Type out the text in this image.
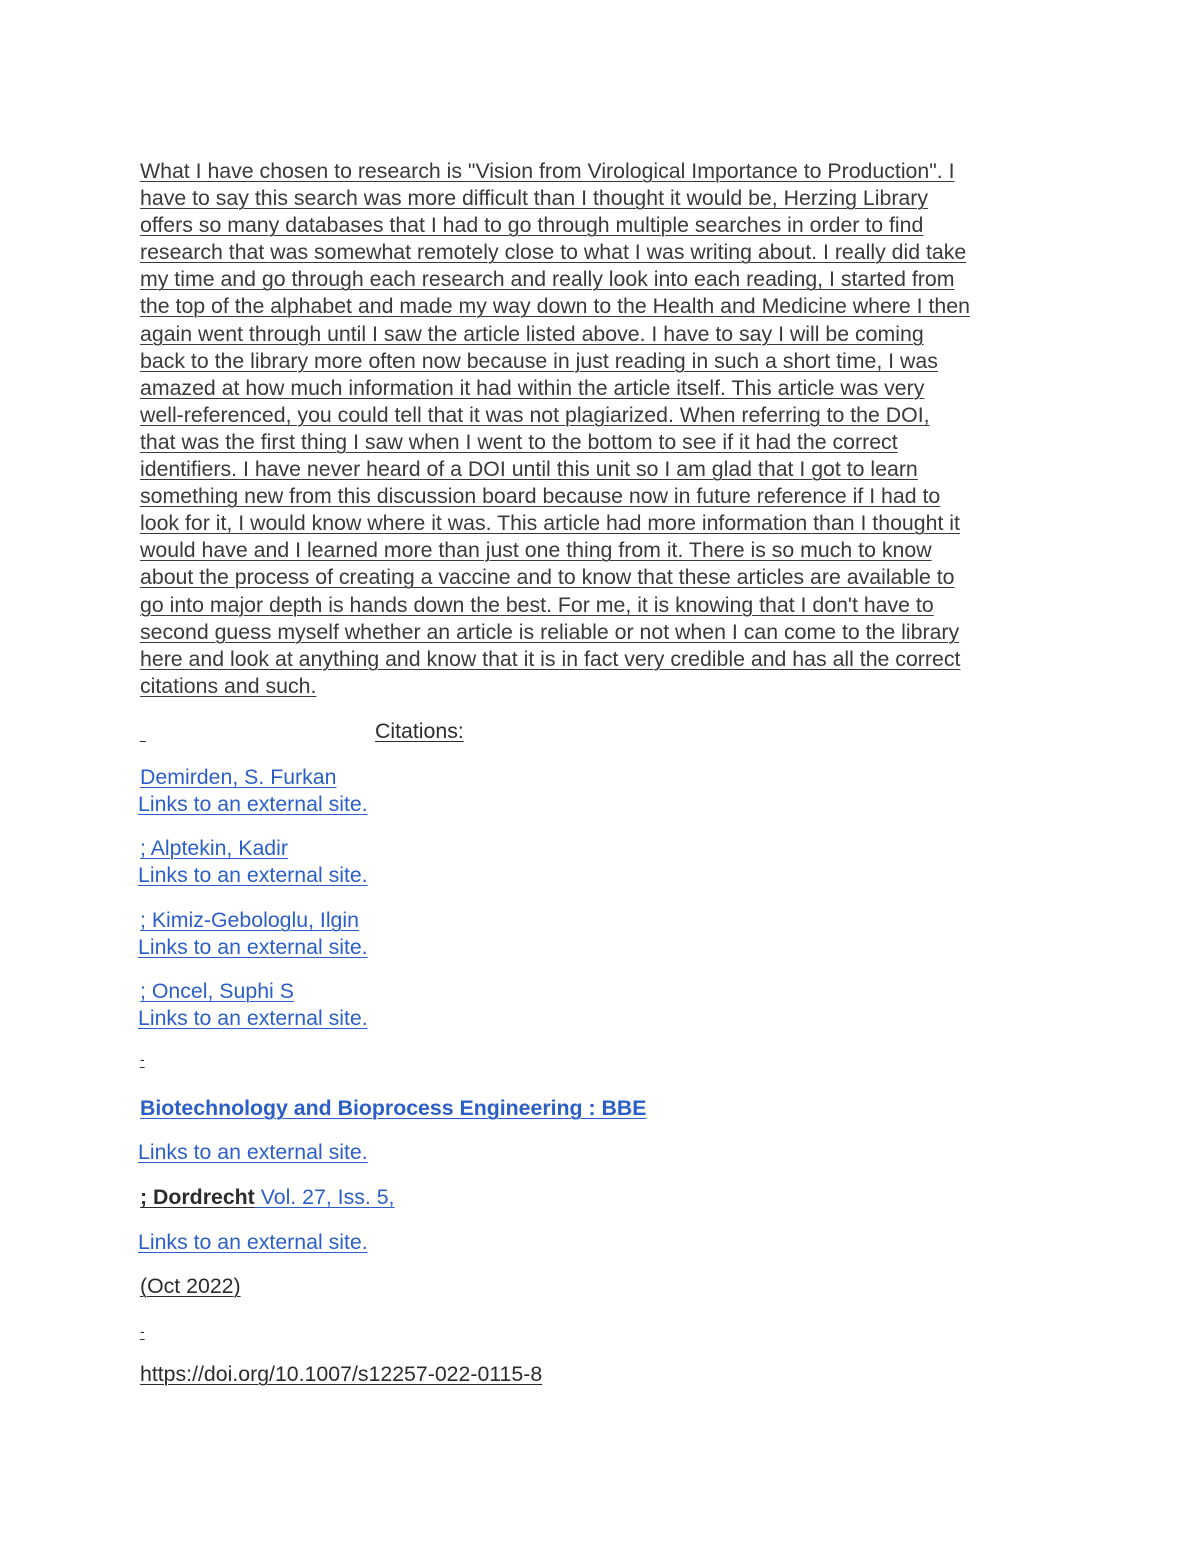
What I have chosen to research is "Vision from Virological Importance to Production". I
have to say this search was more difficult than I thought it would be, Herzing Library
offers so many databases that I had to go through multiple searches in order to find
research that was somewhat remotely close to what I was writing about. I really did take
my time and go through each research and really look into each reading, I started from
the top of the alphabet and made my way down to the Health and Medicine where I then
again went through until I saw the article listed above. I have to say I will be coming
back to the library more often now because in just reading in such a short time, I was
amazed at how much information it had within the article itself. This article was very
well-referenced, you could tell that it was not plagiarized. When referring to the DOI,
that was the first thing I saw when I went to the bottom to see if it had the correct
identifiers. I have never heard of a DOI until this unit so I am glad that I got to learn
something new from this discussion board because now in future reference if I had to
look for it, I would know where it was. This article had more information than I thought it
would have and I learned more than just one thing from it. There is so much to know
about the process of creating a vaccine and to know that these articles are available to
go into major depth is hands down the best. For me, it is knowing that I don't have to
second guess myself whether an article is reliable or not when I can come to the library
here and look at anything and know that it is in fact very credible and has all the correct
citations and such.

Citations:
Demirden, S. Furkan
Links to an external site.
; Alptekin, Kadir
Links to an external site.
; Kimiz-Gebologlu, Ilgin
Links to an external site.
; Oncel, Suphi S
Links to an external site.
-
Biotechnology and Bioprocess Engineering : BBE
Links to an external site.
; Dordrecht Vol. 27, Iss. 5,
Links to an external site.
(Oct 2022)
-
https://doi.org/10.1007/s12257-022-0115-8
